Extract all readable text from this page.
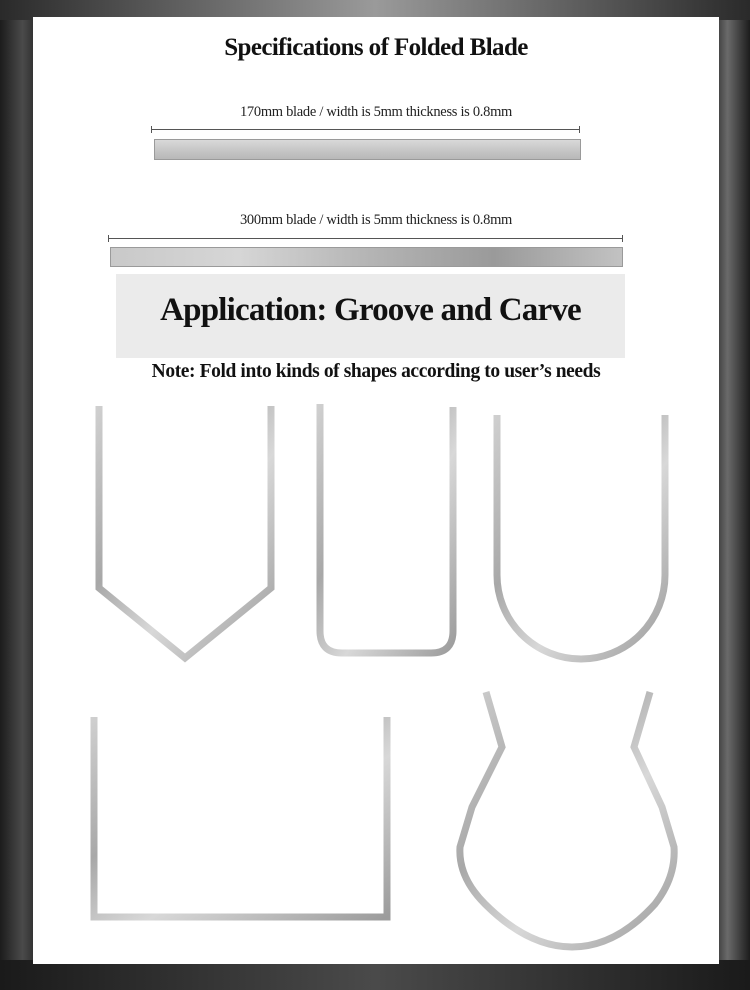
Specifications of Folded Blade
170mm blade / width is 5mm thickness is 0.8mm
300mm blade / width is 5mm thickness is 0.8mm
Application: Groove and Carve
Note: Fold into kinds of shapes according to user’s needs
